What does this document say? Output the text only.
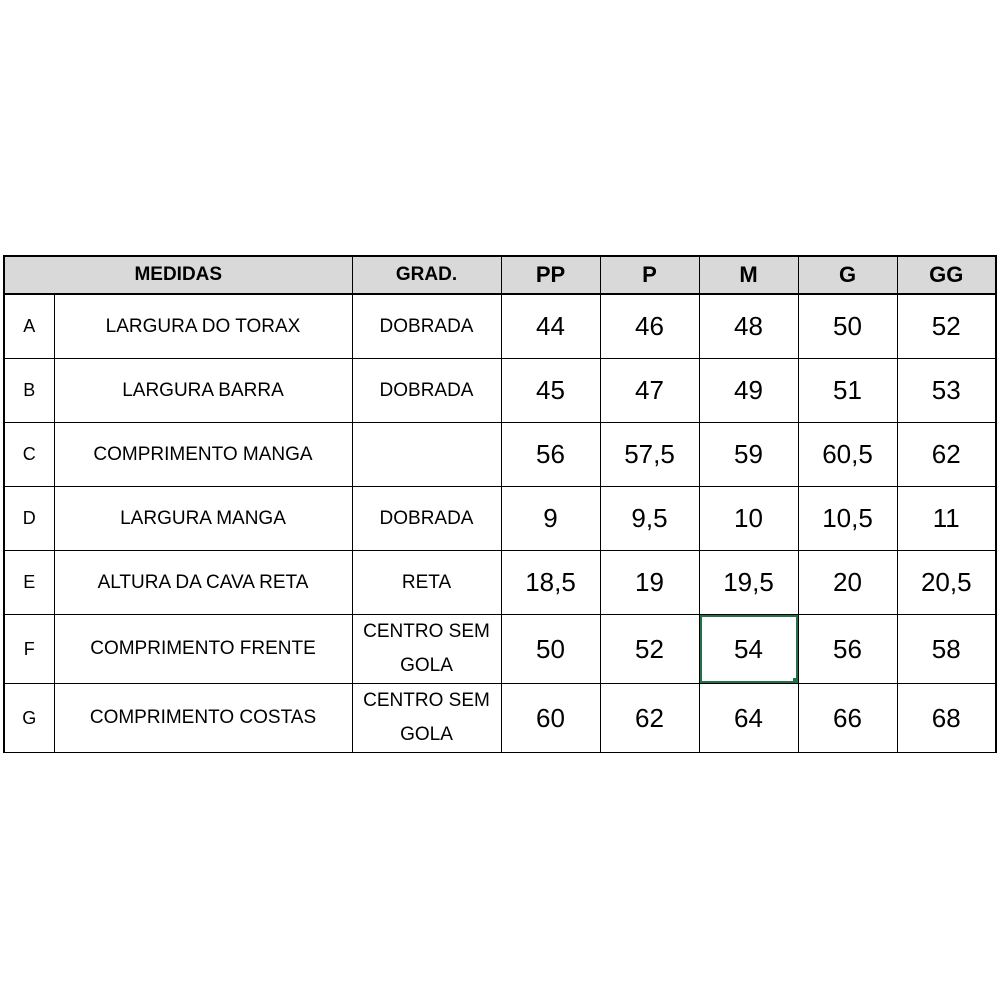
MEDIDAS		GRAD.	PP	P	M	G	GG
A	LARGURA DO TORAX	DOBRADA	44	46	48	50	52
B	LARGURA BARRA	DOBRADA	45	47	49	51	53
C	COMPRIMENTO MANGA		56	57,5	59	60,5	62
D	LARGURA MANGA	DOBRADA	9	9,5	10	10,5	11
E	ALTURA DA CAVA RETA	RETA	18,5	19	19,5	20	20,5
F	COMPRIMENTO FRENTE	CENTRO SEM GOLA	50	52	54	56	58
G	COMPRIMENTO COSTAS	CENTRO SEM GOLA	60	62	64	66	68
